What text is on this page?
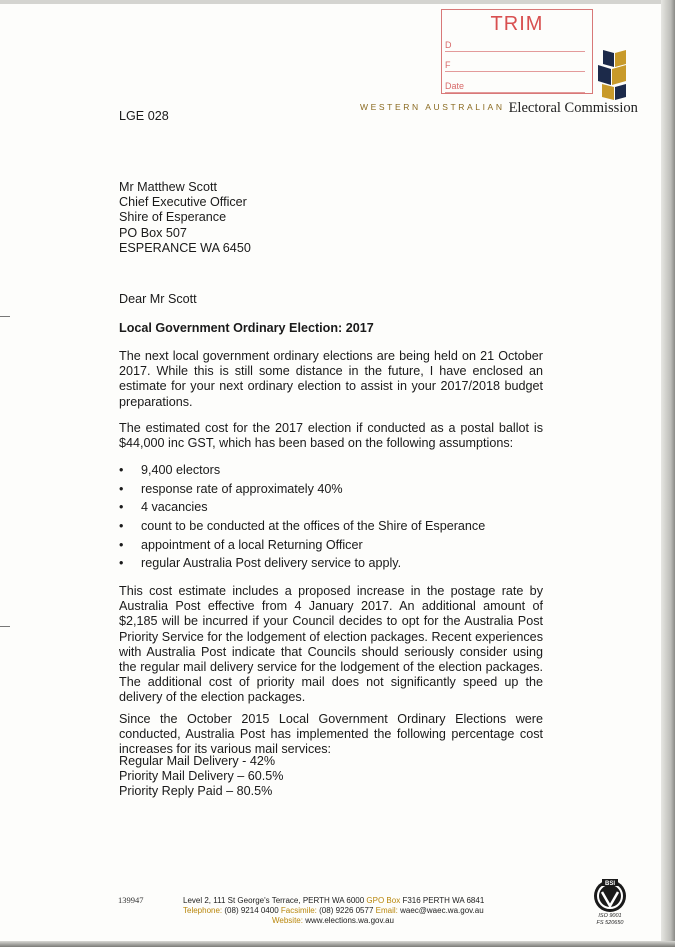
TRIM
D
F
Date
WESTERN AUSTRALIAN Electoral Commission
LGE 028
Mr Matthew Scott
Chief Executive Officer
Shire of Esperance
PO Box 507
ESPERANCE WA 6450
Dear Mr Scott
Local Government Ordinary Election: 2017
The next local government ordinary elections are being held on 21 October 2017. While this is still some distance in the future, I have enclosed an estimate for your next ordinary election to assist in your 2017/2018 budget preparations.
The estimated cost for the 2017 election if conducted as a postal ballot is $44,000 inc GST, which has been based on the following assumptions:
• 9,400 electors
• response rate of approximately 40%
• 4 vacancies
• count to be conducted at the offices of the Shire of Esperance
• appointment of a local Returning Officer
• regular Australia Post delivery service to apply.
This cost estimate includes a proposed increase in the postage rate by Australia Post effective from 4 January 2017. An additional amount of $2,185 will be incurred if your Council decides to opt for the Australia Post Priority Service for the lodgement of election packages. Recent experiences with Australia Post indicate that Councils should seriously consider using the regular mail delivery service for the lodgement of the election packages. The additional cost of priority mail does not significantly speed up the delivery of the election packages.
Since the October 2015 Local Government Ordinary Elections were conducted, Australia Post has implemented the following percentage cost increases for its various mail services:
Regular Mail Delivery - 42%
Priority Mail Delivery – 60.5%
Priority Reply Paid – 80.5%
139947	Level 2, 111 St George's Terrace, PERTH WA 6000 GPO Box F316 PERTH WA 6841
Telephone: (08) 9214 0400 Facsimile: (08) 9226 0577 Email: waec@waec.wa.gov.au
Website: www.elections.wa.gov.au
BSI
ISO 9001
FS 520650
